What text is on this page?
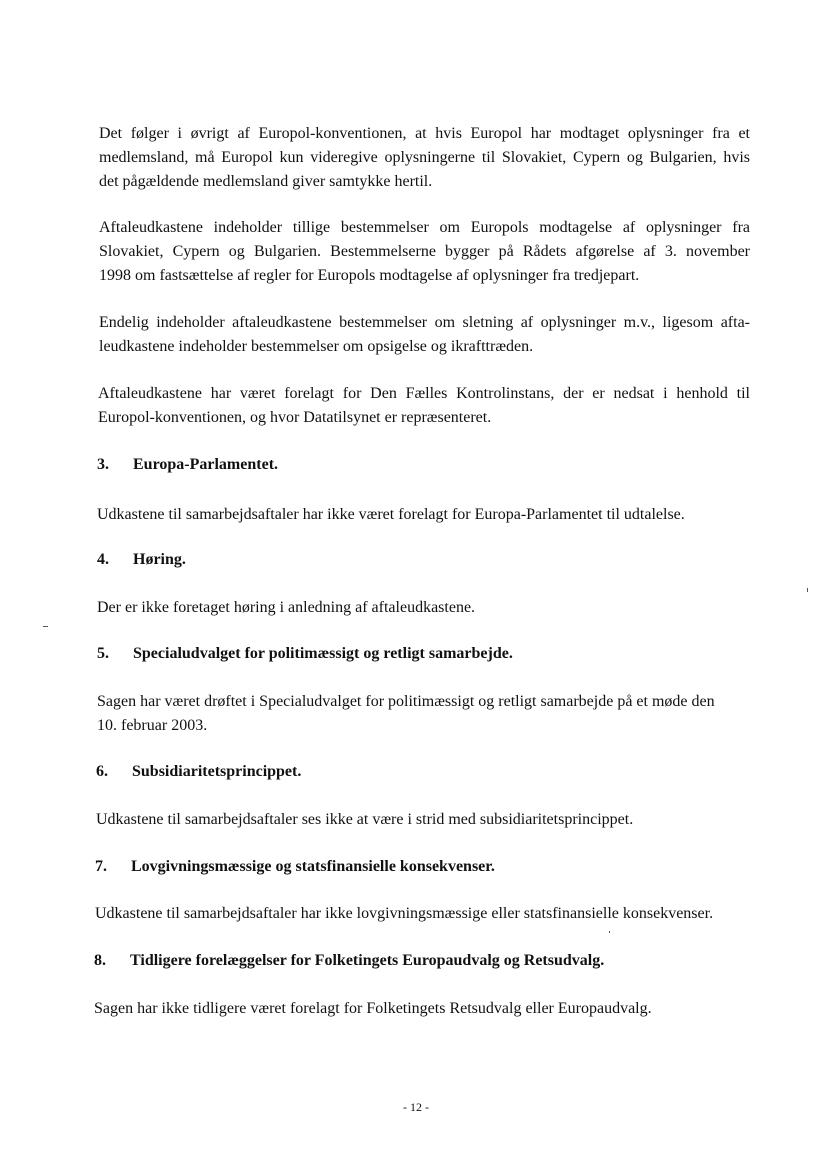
Det følger i øvrigt af Europol-konventionen, at hvis Europol har modtaget oplysninger fra et
medlemsland, må Europol kun videregive oplysningerne til Slovakiet, Cypern og Bulgarien, hvis
det pågældende medlemsland giver samtykke hertil.
Aftaleudkastene indeholder tillige bestemmelser om Europols modtagelse af oplysninger fra
Slovakiet, Cypern og Bulgarien. Bestemmelserne bygger på Rådets afgørelse af 3. november
1998 om fastsættelse af regler for Europols modtagelse af oplysninger fra tredjepart.
Endelig indeholder aftaleudkastene bestemmelser om sletning af oplysninger m.v., ligesom afta-
leudkastene indeholder bestemmelser om opsigelse og ikrafttræden.
Aftaleudkastene har været forelagt for Den Fælles Kontrolinstans, der er nedsat i henhold til
Europol-konventionen, og hvor Datatilsynet er repræsenteret.
3. Europa-Parlamentet.
Udkastene til samarbejdsaftaler har ikke været forelagt for Europa-Parlamentet til udtalelse.
4. Høring.
Der er ikke foretaget høring i anledning af aftaleudkastene.
5. Specialudvalget for politimæssigt og retligt samarbejde.
Sagen har været drøftet i Specialudvalget for politimæssigt og retligt samarbejde på et møde den
10. februar 2003.
6. Subsidiaritetsprincippet.
Udkastene til samarbejdsaftaler ses ikke at være i strid med subsidiaritetsprincippet.
7. Lovgivningsmæssige og statsfinansielle konsekvenser.
Udkastene til samarbejdsaftaler har ikke lovgivningsmæssige eller statsfinansielle konsekvenser.
8. Tidligere forelæggelser for Folketingets Europaudvalg og Retsudvalg.
Sagen har ikke tidligere været forelagt for Folketingets Retsudvalg eller Europaudvalg.
- 12 -
